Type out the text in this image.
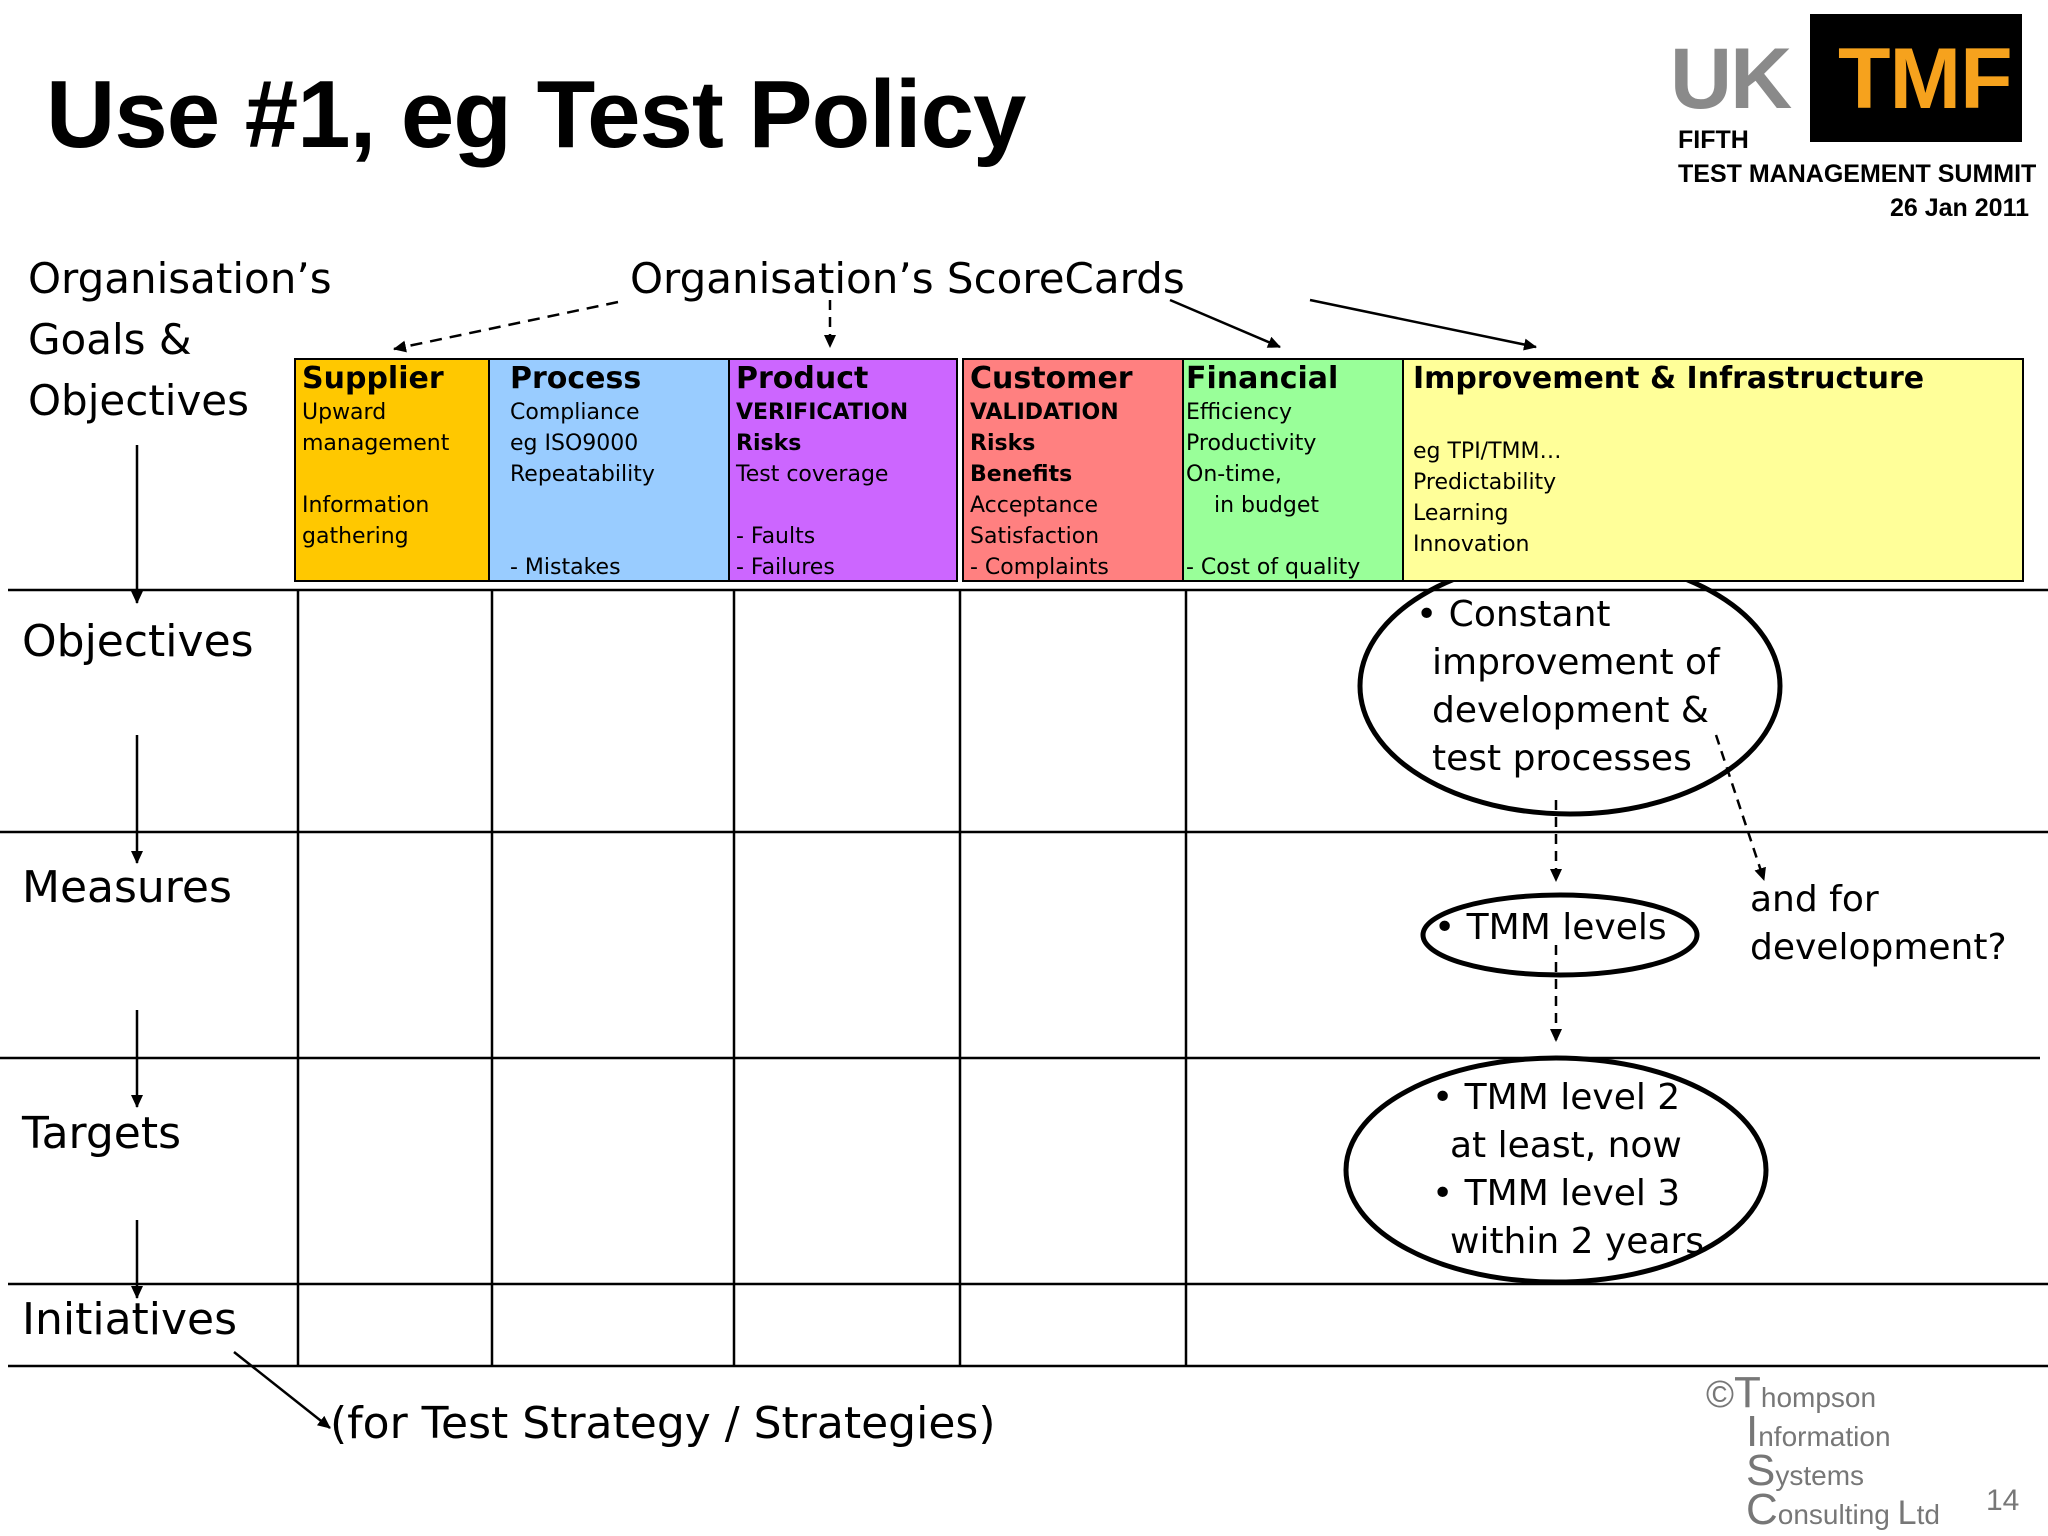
Use #1, eg Test Policy	UK TMF
FIFTH
TEST MANAGEMENT SUMMIT
26 Jan 2011
Organisation’s
Goals &
Objectives
Organisation’s ScoreCards
Supplier
Upward
management

Information
gathering
Process
Compliance
eg ISO9000
Repeatability

- Mistakes
Product
VERIFICATION
Risks
Test coverage

- Faults
- Failures
Customer
VALIDATION
Risks
Benefits
Acceptance
Satisfaction
- Complaints
Financial
Efficiency
Productivity
On-time,
in budget

- Cost of quality
Improvement & Infrastructure

eg TPI/TMM…
Predictability
Learning
Innovation
Objectives
Measures
Targets
Initiatives
• Constant
improvement of
development &
test processes
• TMM levels
• TMM level 2
at least, now
• TMM level 3
within 2 years
and for
development?
(for Test Strategy / Strategies)
©Thompson
Information
Systems
Consulting Ltd 14
